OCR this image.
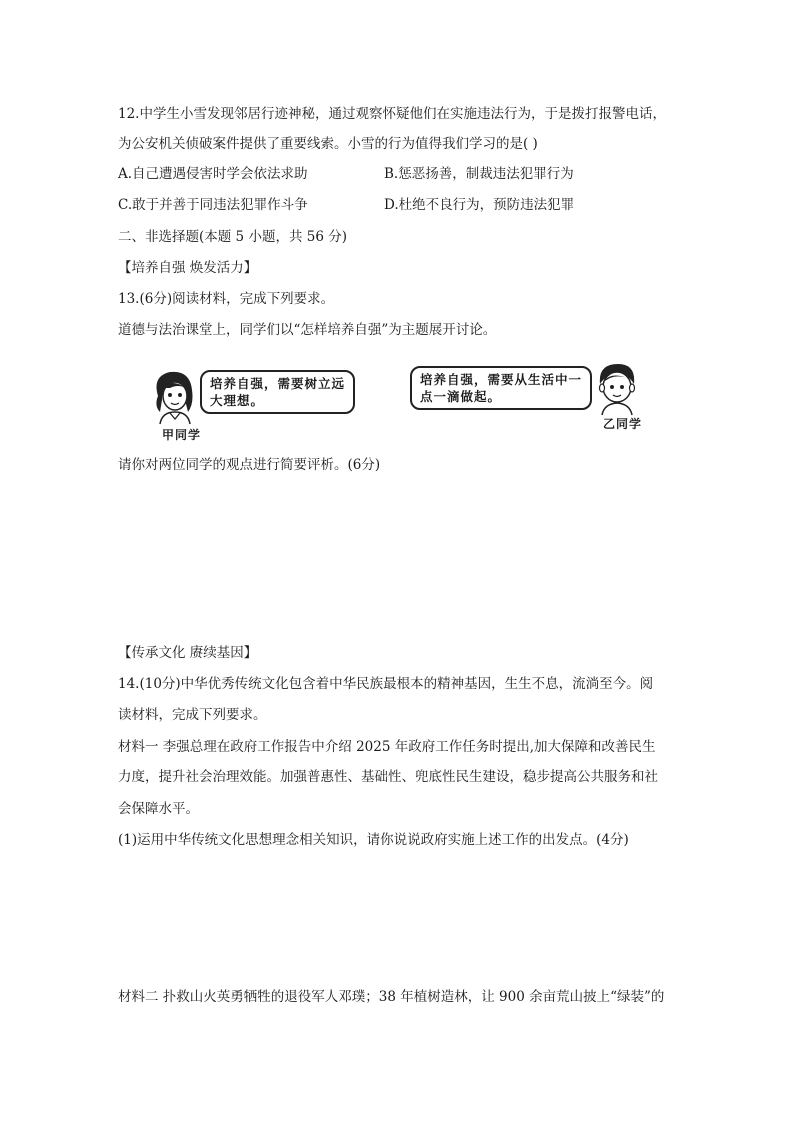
12.中学生小雪发现邻居行迹神秘，通过观察怀疑他们在实施违法行为，于是拨打报警电话，
为公安机关侦破案件提供了重要线索。小雪的行为值得我们学习的是( )
A.自己遭遇侵害时学会依法求助	B.惩恶扬善，制裁违法犯罪行为
C.敢于并善于同违法犯罪作斗争	D.杜绝不良行为，预防违法犯罪
二、非选择题(本题 5 小题，共 56 分)
【培养自强 焕发活力】
13.(6分)阅读材料，完成下列要求。
道德与法治课堂上，同学们以“怎样培养自强”为主题展开讨论。
培养自强，需要树立远
大理想。
甲同学
培养自强，需要从生活中一
点一滴做起。
乙同学
请你对两位同学的观点进行简要评析。(6分)
【传承文化 赓续基因】
14.(10分)中华优秀传统文化包含着中华民族最根本的精神基因，生生不息，流淌至今。阅
读材料，完成下列要求。
材料一 李强总理在政府工作报告中介绍 2025 年政府工作任务时提出,加大保障和改善民生
力度，提升社会治理效能。加强普惠性、基础性、兜底性民生建设，稳步提高公共服务和社
会保障水平。
(1)运用中华传统文化思想理念相关知识，请你说说政府实施上述工作的出发点。(4分)
材料二 扑救山火英勇牺牲的退役军人邓璞；38 年植树造林，让 900 余亩荒山披上“绿装”的
